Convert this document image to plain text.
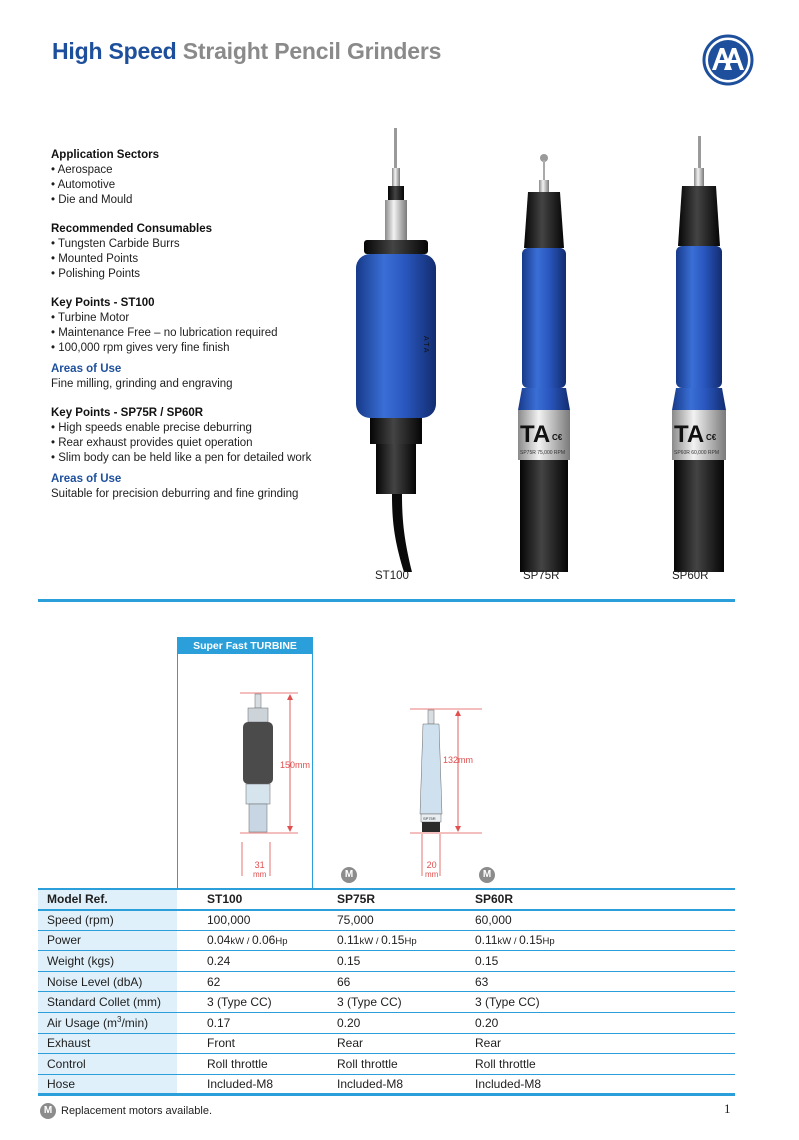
High Speed Straight Pencil Grinders
Application Sectors
• Aerospace
• Automotive
• Die and Mould
Recommended Consumables
• Tungsten Carbide Burrs
• Mounted Points
• Polishing Points
Key Points - ST100
• Turbine Motor
• Maintenance Free – no lubrication required
• 100,000 rpm gives very fine finish
Areas of Use
Fine milling, grinding and engraving
Key Points - SP75R / SP60R
• High speeds enable precise deburring
• Rear exhaust provides quiet operation
• Slim body can be held like a pen for detailed work
Areas of Use
Suitable for precision deburring and fine grinding
A T A
TA C€
SP75R 75,000 RPM
TA C€
SP60R 60,000 RPM
ST100	SP75R	SP60R
Super Fast TURBINE Motor
150mm
31
mm
SP75R
132mm
20
mm
M	M
Model Ref.	ST100	SP75R	SP60R
Speed (rpm)	100,000	75,000	60,000
Power	0.04kW / 0.06Hp	0.11kW / 0.15Hp	0.11kW / 0.15Hp
Weight (kgs)	0.24	0.15	0.15
Noise Level (dbA)	62	66	63
Standard Collet (mm)	3 (Type CC)	3 (Type CC)	3 (Type CC)
Air Usage $(m^3/\min)$	0.17	0.20	0.20
Exhaust	Front	Rear	Rear
Control	Roll throttle	Roll throttle	Roll throttle
Hose	Included-M8	Included-M8	Included-M8
M Replacement motors available.	1
